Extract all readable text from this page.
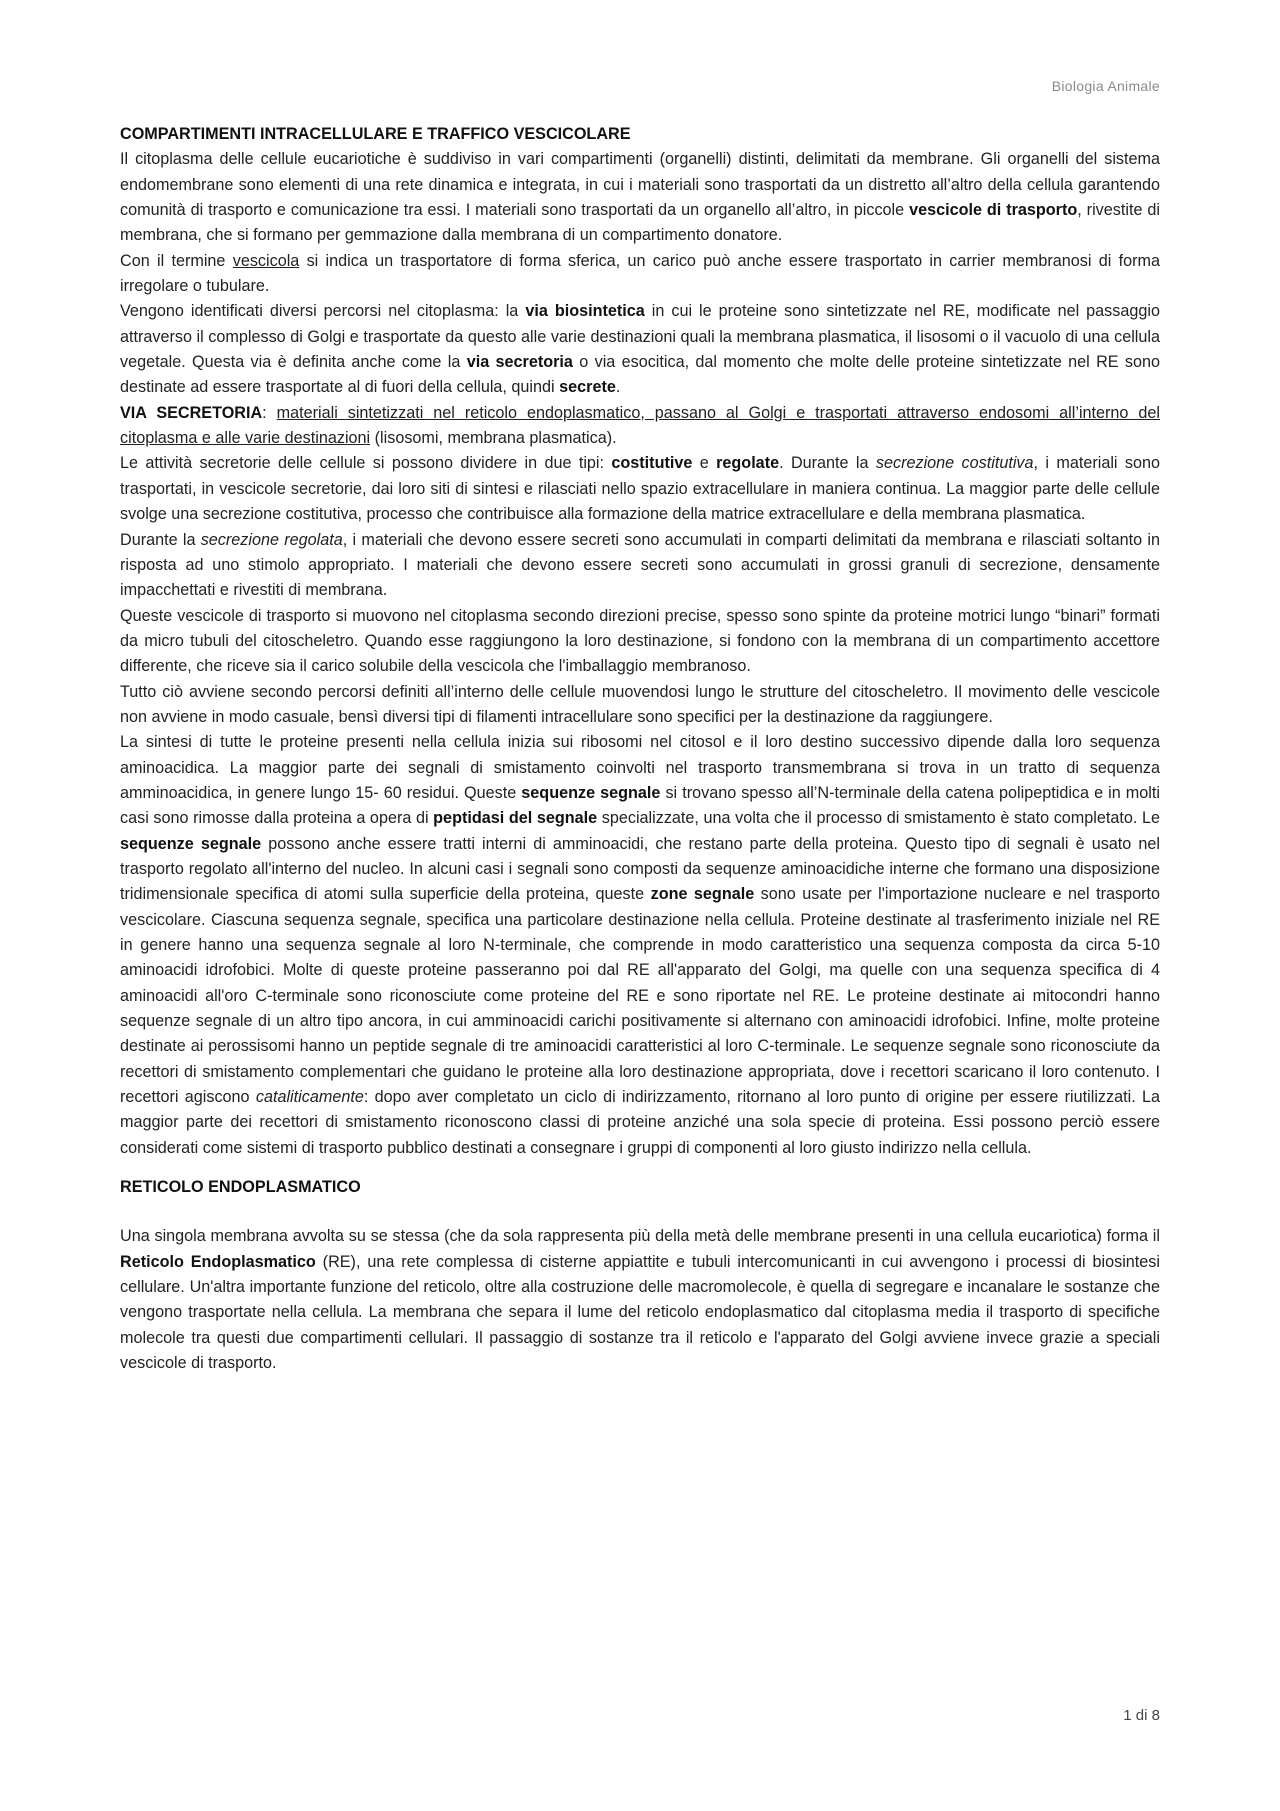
Biologia Animale
COMPARTIMENTI INTRACELLULARE E TRAFFICO VESCICOLARE

Il citoplasma delle cellule eucariotiche è suddiviso in vari compartimenti (organelli) distinti, delimitati da membrane. Gli organelli del sistema endomembrane sono elementi di una rete dinamica e integrata, in cui i materiali sono trasportati da un distretto all’altro della cellula garantendo comunità di trasporto e comunicazione tra essi. I materiali sono trasportati da un organello all’altro, in piccole vescicole di trasporto, rivestite di membrana, che si formano per gemmazione dalla membrana di un compartimento donatore.

Con il termine vescicola si indica un trasportatore di forma sferica, un carico può anche essere trasportato in carrier membranosi di forma irregolare o tubulare.

Vengono identificati diversi percorsi nel citoplasma: la via biosintetica in cui le proteine sono sintetizzate nel RE, modificate nel passaggio attraverso il complesso di Golgi e trasportate da questo alle varie destinazioni quali la membrana plasmatica, il lisosomi o il vacuolo di una cellula vegetale. Questa via è definita anche come la via secretoria o via esocitica, dal momento che molte delle proteine sintetizzate nel RE sono destinate ad essere trasportate al di fuori della cellula, quindi secrete.

VIA SECRETORIA: materiali sintetizzati nel reticolo endoplasmatico, passano al Golgi e trasportati attraverso endosomi all’interno del citoplasma e alle varie destinazioni (lisosomi, membrana plasmatica).

Le attività secretorie delle cellule si possono dividere in due tipi: costitutive e regolate. Durante la secrezione costitutiva, i materiali sono trasportati, in vescicole secretorie, dai loro siti di sintesi e rilasciati nello spazio extracellulare in maniera continua. La maggior parte delle cellule svolge una secrezione costitutiva, processo che contribuisce alla formazione della matrice extracellulare e della membrana plasmatica.

Durante la secrezione regolata, i materiali che devono essere secreti sono accumulati in comparti delimitati da membrana e rilasciati soltanto in risposta ad uno stimolo appropriato. I materiali che devono essere secreti sono accumulati in grossi granuli di secrezione, densamente impacchettati e rivestiti di membrana.

Queste vescicole di trasporto si muovono nel citoplasma secondo direzioni precise, spesso sono spinte da proteine motrici lungo “binari” formati da micro tubuli del citoscheletro. Quando esse raggiungono la loro destinazione, si fondono con la membrana di un compartimento accettore differente, che riceve sia il carico solubile della vescicola che l'imballaggio membranoso.

Tutto ciò avviene secondo percorsi definiti all’interno delle cellule muovendosi lungo le strutture del citoscheletro. Il movimento delle vescicole non avviene in modo casuale, bensì diversi tipi di filamenti intracellulare sono specifici per la destinazione da raggiungere.

La sintesi di tutte le proteine presenti nella cellula inizia sui ribosomi nel citosol e il loro destino successivo dipende dalla loro sequenza aminoacidica. La maggior parte dei segnali di smistamento coinvolti nel trasporto transmembrana si trova in un tratto di sequenza amminoacidica, in genere lungo 15- 60 residui. Queste sequenze segnale si trovano spesso all’N-terminale della catena polipeptidica e in molti casi sono rimosse dalla proteina a opera di peptidasi del segnale specializzate, una volta che il processo di smistamento è stato completato. Le sequenze segnale possono anche essere tratti interni di amminoacidi, che restano parte della proteina. Questo tipo di segnali è usato nel trasporto regolato all'interno del nucleo. In alcuni casi i segnali sono composti da sequenze aminoacidiche interne che formano una disposizione tridimensionale specifica di atomi sulla superficie della proteina, queste zone segnale sono usate per l'importazione nucleare e nel trasporto vescicolare. Ciascuna sequenza segnale, specifica una particolare destinazione nella cellula. Proteine destinate al trasferimento iniziale nel RE in genere hanno una sequenza segnale al loro N-terminale, che comprende in modo caratteristico una sequenza composta da circa 5-10 aminoacidi idrofobici. Molte di queste proteine passeranno poi dal RE all'apparato del Golgi, ma quelle con una sequenza specifica di 4 aminoacidi all'oro C-terminale sono riconosciute come proteine del RE e sono riportate nel RE. Le proteine destinate ai mitocondri hanno sequenze segnale di un altro tipo ancora, in cui amminoacidi carichi positivamente si alternano con aminoacidi idrofobici. Infine, molte proteine destinate ai perossisomi hanno un peptide segnale di tre aminoacidi caratteristici al loro C-terminale. Le sequenze segnale sono riconosciute da recettori di smistamento complementari che guidano le proteine alla loro destinazione appropriata, dove i recettori scaricano il loro contenuto. I recettori agiscono cataliticamente: dopo aver completato un ciclo di indirizzamento, ritornano al loro punto di origine per essere riutilizzati. La maggior parte dei recettori di smistamento riconoscono classi di proteine anziché una sola specie di proteina. Essi possono perciò essere considerati come sistemi di trasporto pubblico destinati a consegnare i gruppi di componenti al loro giusto indirizzo nella cellula.

RETICOLO ENDOPLASMATICO

Una singola membrana avvolta su se stessa (che da sola rappresenta più della metà delle membrane presenti in una cellula eucariotica) forma il Reticolo Endoplasmatico (RE), una rete complessa di cisterne appiattite e tubuli intercomunicanti in cui avvengono i processi di biosintesi cellulare. Un'altra importante funzione del reticolo, oltre alla costruzione delle macromolecole, è quella di segregare e incanalare le sostanze che vengono trasportate nella cellula. La membrana che separa il lume del reticolo endoplasmatico dal citoplasma media il trasporto di specifiche molecole tra questi due compartimenti cellulari. Il passaggio di sostanze tra il reticolo e l'apparato del Golgi avviene invece grazie a speciali vescicole di trasporto.

1 di 8
